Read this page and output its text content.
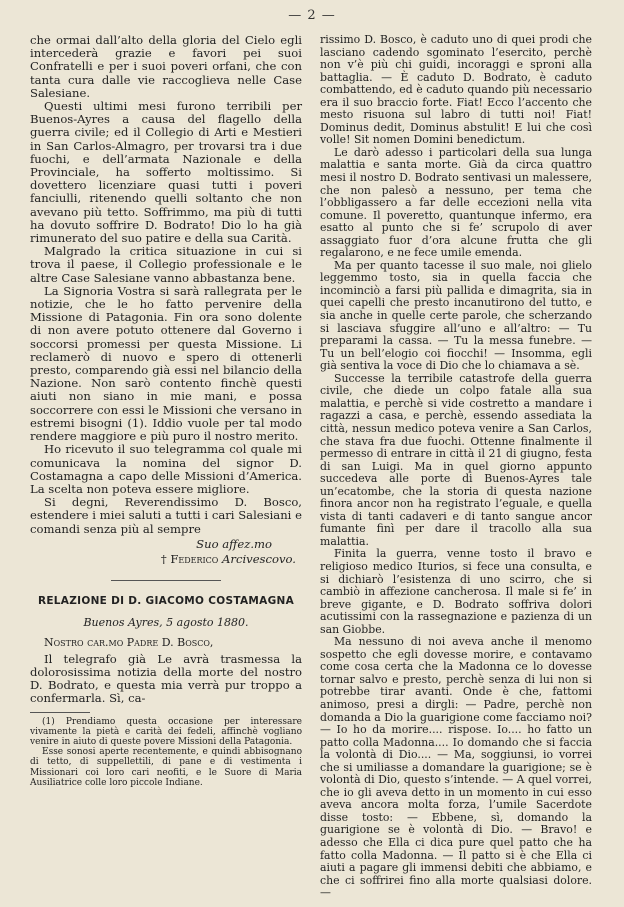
— 2 —

che ormai dall’alto della gloria del Cielo egli intercederà grazie e favori pei suoi Confratelli e per i suoi poveri orfani, che con tanta cura dalle vie raccoglieva nelle Case Salesiane.

Questi ultimi mesi furono terribili per Buenos-Ayres a causa del flagello della guerra civile; ed il Collegio di Arti e Mestieri in San Carlos-Almagro, per trovarsi tra i due fuochi, e dell’armata Nazionale e della Provinciale, ha sofferto moltissimo. Si dovettero licenziare quasi tutti i poveri fanciulli, ritenendo quelli soltanto che non avevano più tetto. Soffrimmo, ma più di tutti ha dovuto soffrire D. Bodrato! Dio lo ha già rimunerato del suo patire e della sua Carità.

Malgrado la critica situazione in cui si trova il paese, il Collegio professionale e le altre Case Salesiane vanno abbastanza bene.

La Signoria Vostra si sarà rallegrata per le notizie, che le ho fatto pervenire della Missione di Patagonia. Fin ora sono dolente di non avere potuto ottenere dal Governo i soccorsi promessi per questa Missione. Li reclamerò di nuovo e spero di ottenerli presto, comparendo già essi nel bilancio della Nazione. Non sarò contento finchè questi aiuti non siano in mie mani, e possa soccorrere con essi le Missioni che versano in estremi bisogni (1). Iddio vuole per tal modo rendere maggiore e più puro il nostro merito.

Ho ricevuto il suo telegramma col quale mi comunicava la nomina del signor D. Costamagna a capo delle Missioni d’America. La scelta non poteva essere migliore.

Si degni, Reverendissimo D. Bosco, estendere i miei saluti a tutti i cari Salesiani e comandi senza più al sempre

Suo affez.mo
† Federico Arcivescovo.
RELAZIONE DI D. GIACOMO COSTAMAGNA
Buenos Ayres, 5 agosto 1880.
Nostro car.mo Padre D. Bosco,

Il telegrafo già Le avrà trasmessa la dolorosissima notizia della morte del nostro D. Bodrato, e questa mia verrà pur troppo a confermarla. Sì, ca-

(1) Prendiamo questa occasione per interessare vivamente la pietà e carità dei fedeli, affinchè vogliano venire in aiuto di queste povere Missioni della Patagonia.

Esse sonosi aperte recentemente, e quindi abbisognano di tetto, di suppellettili, di pane e di vestimenta i Missionari coi loro cari neofiti, e le Suore di Maria Ausiliatrice colle loro piccole Indiane.

rissimo D. Bosco, è caduto uno di quei prodi che lasciano cadendo sgominato l’esercito, perchè non v’è più chi guidi, incoraggi e sproni alla battaglia. — È caduto D. Bodrato, è caduto combattendo, ed è caduto quando più necessario era il suo braccio forte. Fiat! Ecco l’accento che mesto risuona sul labro di tutti noi! Fiat! Dominus dedit, Dominus abstulit! E lui che così volle! Sit nomen Domini benedictum.

Le darò adesso i particolari della sua lunga malattia e santa morte. Già da circa quattro mesi il nostro D. Bodrato sentivasi un malessere, che non palesò a nessuno, per tema che l’obbligassero a far delle eccezioni nella vita comune. Il poveretto, quantunque infermo, era esatto al punto che si fe’ scrupolo di aver assaggiato fuor d’ora alcune frutta che gli regalarono, e ne fece umile emenda.

Ma per quanto tacesse il suo male, noi glielo leggemmo tosto, sia in quella faccia che incominciò a farsi più pallida e dimagrita, sia in quei capelli che presto incanutirono del tutto, e sia anche in quelle certe parole, che scherzando si lasciava sfuggire all’uno e all’altro: — Tu preparami la cassa. — Tu la messa funebre. — Tu un bell’elogio coi fiocchi! — Insomma, egli già sentiva la voce di Dio che lo chiamava a sè.

Successe la terribile catastrofe della guerra civile, che diede un colpo fatale alla sua malattia, e perchè si vide costretto a mandare i ragazzi a casa, e perchè, essendo assediata la città, nessun medico poteva venire a San Carlos, che stava fra due fuochi. Ottenne finalmente il permesso di entrare in città il 21 di giugno, festa di san Luigi. Ma in quel giorno appunto succedeva alle porte di Buenos-Ayres tale un’ecatombe, che la storia di questa nazione finora ancor non ha registrato l’eguale, e quella vista di tanti cadaveri e di tanto sangue ancor fumante finì per dare il tracollo alla sua malattia.

Finita la guerra, venne tosto il bravo e religioso medico Iturios, si fece una consulta, e si dichiarò l’esistenza di uno scirro, che si cambiò in affezione cancherosa. Il male si fe’ in breve gigante, e D. Bodrato soffriva dolori acutissimi con la rassegnazione e pazienza di un san Giobbe.

Ma nessuno di noi aveva anche il menomo sospetto che egli dovesse morire, e contavamo come cosa certa che la Madonna ce lo dovesse tornar salvo e presto, perchè senza di lui non si potrebbe tirar avanti. Onde è che, fattomi animoso, presi a dirgli: — Padre, perchè non domanda a Dio la guarigione come facciamo noi? — Io ho da morire.... rispose. Io.... ho fatto un patto colla Madonna.... Io domando che si faccia la volontà di Dio.... — Ma, soggiunsi, io vorrei che si umiliasse a domandare la guarigione; se è volontà di Dio, questo s’intende. — A quel vorrei, che io gli aveva detto in un momento in cui esso aveva ancora molta forza, l’umile Sacerdote disse tosto: — Ebbene, sì, domando la guarigione se è volontà di Dio. — Bravo! e adesso che Ella ci dica pure quel patto che ha fatto colla Madonna. — Il patto si è che Ella ci aiuti a pagare gli immensi debiti che abbiamo, e che ci soffrirei fino alla morte qualsiasi dolore. —
